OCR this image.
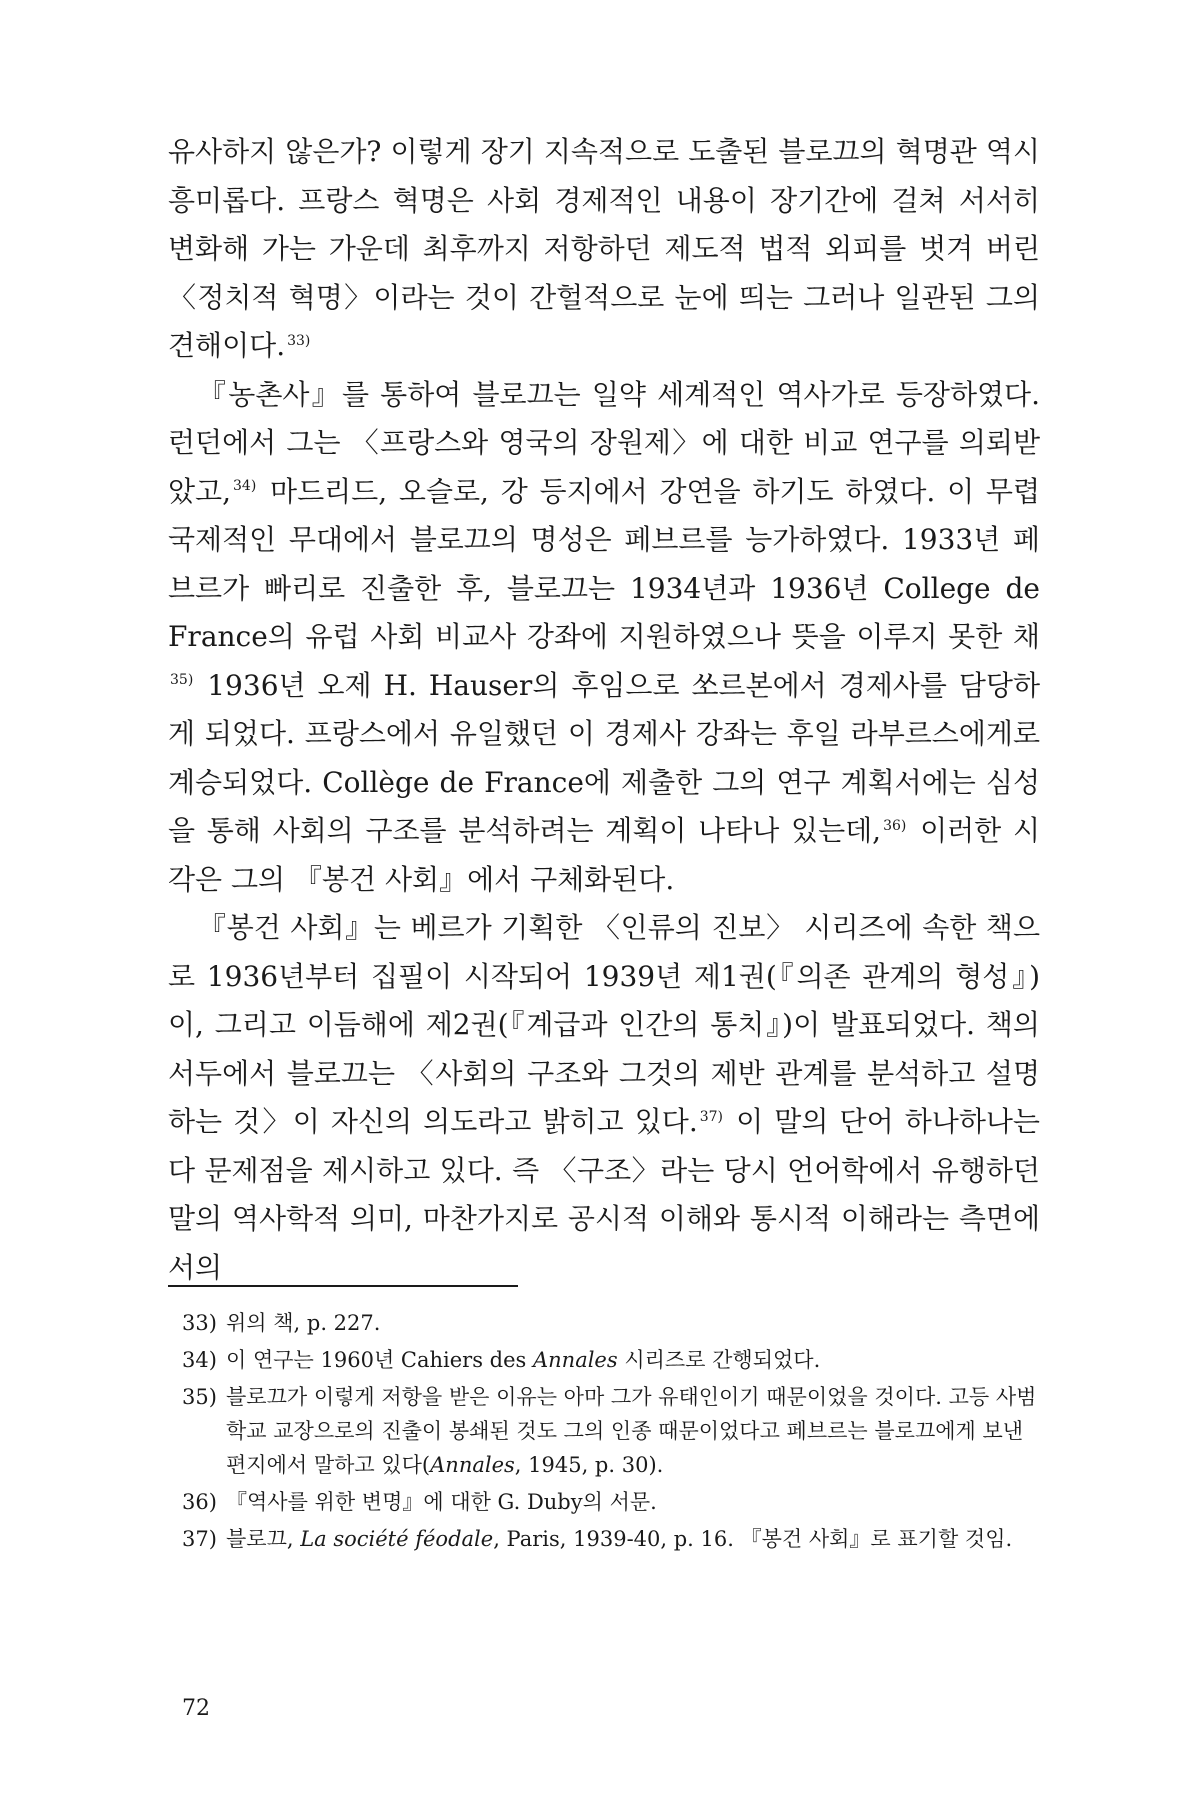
유사하지 않은가? 이렇게 장기 지속적으로 도출된 블로끄의 혁명관 역시 흥미롭다. 프랑스 혁명은 사회 경제적인 내용이 장기간에 걸쳐 서서히 변화해 가는 가운데 최후까지 저항하던 제도적 법적 외피를 벗겨 버린 〈정치적 혁명〉이라는 것이 간헐적으로 눈에 띄는 그러나 일관된 그의 견해이다. $^{33)}$

『농촌사』를 통하여 블로끄는 일약 세계적인 역사가로 등장하였다. 런던에서 그는 〈프랑스와 영국의 장원제〉에 대한 비교 연구를 의뢰받았고, $^{34)}$ 마드리드, 오슬로, 강 등지에서 강연을 하기도 하였다. 이 무렵 국제적인 무대에서 블로끄의 명성은 페브르를 능가하였다. 1933년 페브르가 빠리로 진출한 후, 블로끄는 1934년과 1936년 College de France의 유럽 사회 비교사 강좌에 지원하였으나 뜻을 이루지 못한 채$^{35)}$ 1936년 오제 H. Hauser의 후임으로 쏘르본에서 경제사를 담당하게 되었다. 프랑스에서 유일했던 이 경제사 강좌는 후일 라부르스에게로 계승되었다. Collège de France에 제출한 그의 연구 계획서에는 심성을 통해 사회의 구조를 분석하려는 계획이 나타나 있는데, $^{36)}$ 이러한 시각은 그의 『봉건 사회』에서 구체화된다.

『봉건 사회』는 베르가 기획한 〈인류의 진보〉 시리즈에 속한 책으로 1936년부터 집필이 시작되어 1939년 제1권(『의존 관계의 형성』)이, 그리고 이듬해에 제2권(『계급과 인간의 통치』)이 발표되었다. 책의 서두에서 블로끄는 〈사회의 구조와 그것의 제반 관계를 분석하고 설명하는 것〉이 자신의 의도라고 밝히고 있다. $^{37)}$ 이 말의 단어 하나하나는 다 문제점을 제시하고 있다. 즉 〈구조〉라는 당시 언어학에서 유행하던 말의 역사학적 의미, 마찬가지로 공시적 이해와 통시적 이해라는 측면에서의

33) 위의 책, p. 227.
34) 이 연구는 1960년 Cahiers des Annales 시리즈로 간행되었다.
35) 블로끄가 이렇게 저항을 받은 이유는 아마 그가 유태인이기 때문이었을 것이다. 고등 사범학교 교장으로의 진출이 봉쇄된 것도 그의 인종 때문이었다고 페브르는 블로끄에게 보낸 편지에서 말하고 있다(Annales, 1945, p. 30).
36) 『역사를 위한 변명』에 대한 G. Duby의 서문.
37) 블로끄, La société féodale, Paris, 1939-40, p. 16. 『봉건 사회』로 표기할 것임.
72
